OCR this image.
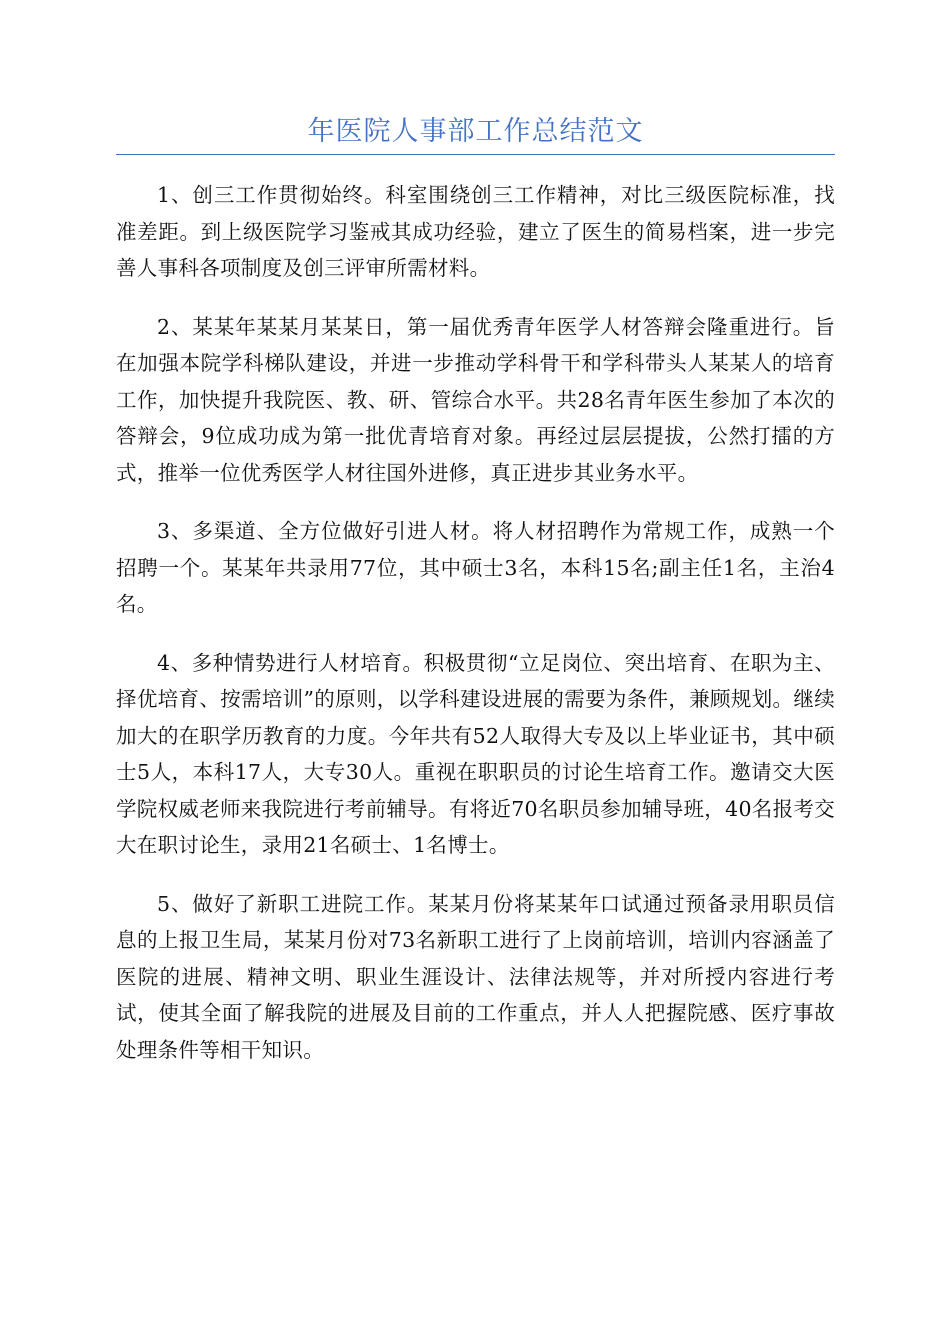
年医院人事部工作总结范文

1、创三工作贯彻始终。科室围绕创三工作精神，对比三级医院标准，找准差距。到上级医院学习鉴戒其成功经验，建立了医生的简易档案，进一步完善人事科各项制度及创三评审所需材料。

2、某某年某某月某某日，第一届优秀青年医学人材答辩会隆重进行。旨在加强本院学科梯队建设，并进一步推动学科骨干和学科带头人某某人的培育工作，加快提升我院医、教、研、管综合水平。共28名青年医生参加了本次的答辩会，9位成功成为第一批优青培育对象。再经过层层提拔，公然打擂的方式，推举一位优秀医学人材往国外进修，真正进步其业务水平。

3、多渠道、全方位做好引进人材。将人材招聘作为常规工作，成熟一个招聘一个。某某年共录用77位，其中硕士3名，本科15名;副主任1名，主治4名。

4、多种情势进行人材培育。积极贯彻“立足岗位、突出培育、在职为主、择优培育、按需培训”的原则，以学科建设进展的需要为条件，兼顾规划。继续加大的在职学历教育的力度。今年共有52人取得大专及以上毕业证书，其中硕士5人，本科17人，大专30人。重视在职职员的讨论生培育工作。邀请交大医学院权威老师来我院进行考前辅导。有将近70名职员参加辅导班，40名报考交大在职讨论生，录用21名硕士、1名博士。

5、做好了新职工进院工作。某某月份将某某年口试通过预备录用职员信息的上报卫生局，某某月份对73名新职工进行了上岗前培训，培训内容涵盖了医院的进展、精神文明、职业生涯设计、法律法规等，并对所授内容进行考试，使其全面了解我院的进展及目前的工作重点，并人人把握院感、医疗事故处理条件等相干知识。
